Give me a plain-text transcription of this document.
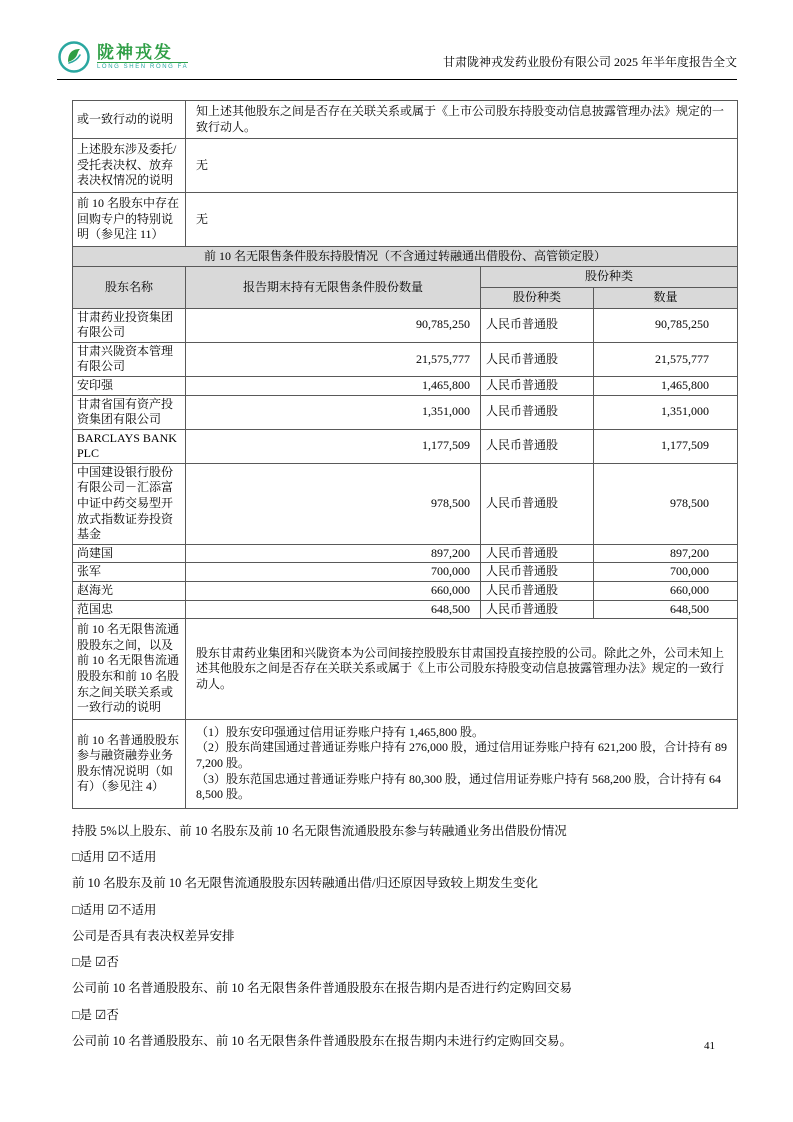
陇神戎发
LONG SHEN RONG FA	甘肃陇神戎发药业股份有限公司 2025 年半年度报告全文
或一致行动的说明	知上述其他股东之间是否存在关联关系或属于《上市公司股东持股变动信息披露管理办法》规定的一致行动人。		
上述股东涉及委托/受托表决权、放弃表决权情况的说明	无		
前 10 名股东中存在回购专户的特别说明（参见注 11）	无		
前 10 名无限售条件股东持股情况（不含通过转融通出借股份、高管锁定股）			
股东名称	报告期末持有无限售条件股份数量	股份种类	
		股份种类	数量
甘肃药业投资集团有限公司	90,785,250	人民币普通股	90,785,250
甘肃兴陇资本管理有限公司	21,575,777	人民币普通股	21,575,777
安印强	1,465,800	人民币普通股	1,465,800
甘肃省国有资产投资集团有限公司	1,351,000	人民币普通股	1,351,000
BARCLAYS BANK PLC	1,177,509	人民币普通股	1,177,509
中国建设银行股份有限公司－汇添富中证中药交易型开放式指数证券投资基金	978,500	人民币普通股	978,500
尚建国	897,200	人民币普通股	897,200
张军	700,000	人民币普通股	700,000
赵海光	660,000	人民币普通股	660,000
范国忠	648,500	人民币普通股	648,500
前 10 名无限售流通股股东之间，以及前 10 名无限售流通股股东和前 10 名股东之间关联关系或一致行动的说明	股东甘肃药业集团和兴陇资本为公司间接控股股东甘肃国投直接控股的公司。除此之外，公司未知上述其他股东之间是否存在关联关系或属于《上市公司股东持股变动信息披露管理办法》规定的一致行动人。		
前 10 名普通股股东参与融资融券业务股东情况说明（如有）（参见注 4）	（1）股东安印强通过信用证券账户持有 1,465,800 股。
（2）股东尚建国通过普通证券账户持有 276,000 股，通过信用证券账户持有 621,200 股，合计持有 897,200 股。
（3）股东范国忠通过普通证券账户持有 80,300 股，通过信用证券账户持有 568,200 股，合计持有 648,500 股。		
持股 5%以上股东、前 10 名股东及前 10 名无限售流通股股东参与转融通业务出借股份情况
□适用 ☑不适用
前 10 名股东及前 10 名无限售流通股股东因转融通出借/归还原因导致较上期发生变化
□适用 ☑不适用
公司是否具有表决权差异安排
□是 ☑否
公司前 10 名普通股股东、前 10 名无限售条件普通股股东在报告期内是否进行约定购回交易
□是 ☑否
公司前 10 名普通股股东、前 10 名无限售条件普通股股东在报告期内未进行约定购回交易。	41
